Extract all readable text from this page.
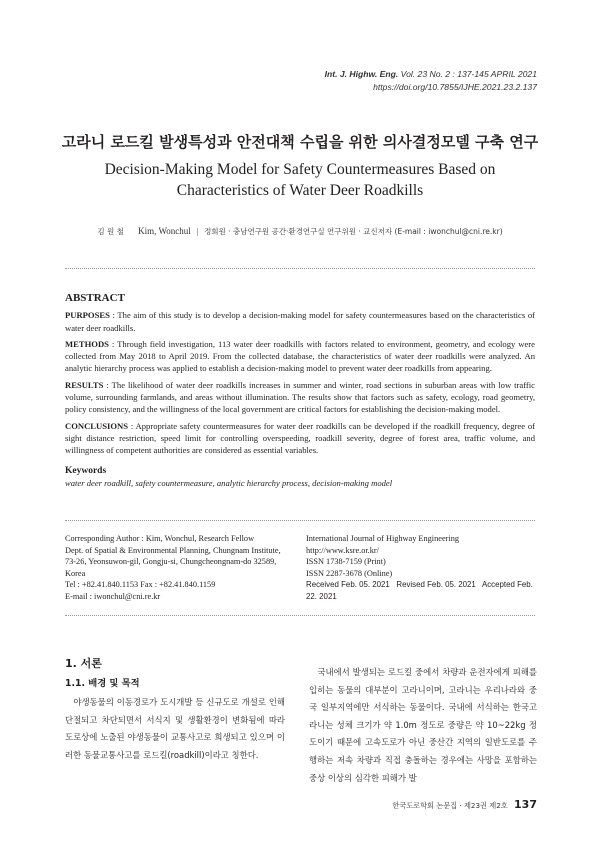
Int. J. Highw. Eng. Vol. 23 No. 2 : 137-145 APRIL 2021
https://doi.org/10.7855/IJHE.2021.23.2.137
고라니 로드킬 발생특성과 안전대책 수립을 위한 의사결정모델 구축 연구
Decision-Making Model for Safety Countermeasures Based on Characteristics of Water Deer Roadkills
김 원 철 Kim, Wonchul | 정회원 · 충남연구원 공간·환경연구실 연구위원 · 교신저자 (E-mail : iwonchul@cni.re.kr)
ABSTRACT

PURPOSES : The aim of this study is to develop a decision-making model for safety countermeasures based on the characteristics of water deer roadkills.

METHODS : Through field investigation, 113 water deer roadkills with factors related to environment, geometry, and ecology were collected from May 2018 to April 2019. From the collected database, the characteristics of water deer roadkills were analyzed. An analytic hierarchy process was applied to establish a decision-making model to prevent water deer roadkills from appearing.

RESULTS : The likelihood of water deer roadkills increases in summer and winter, road sections in suburban areas with low traffic volume, surrounding farmlands, and areas without illumination. The results show that factors such as safety, ecology, road geometry, policy consistency, and the willingness of the local government are critical factors for establishing the decision-making model.

CONCLUSIONS : Appropriate safety countermeasures for water deer roadkills can be developed if the roadkill frequency, degree of sight distance restriction, speed limit for controlling overspeeding, roadkill severity, degree of forest area, traffic volume, and willingness of competent authorities are considered as essential variables.

Keywords

water deer roadkill, safety countermeasure, analytic hierarchy process, decision-making model

Corresponding Author : Kim, Wonchul, Research Fellow
Dept. of Spatial & Environmental Planning, Chungnam Institute,
73-26, Yeonsuwon-gil, Gongju-si, Chungcheongnam-do 32589, Korea
Tel : +82.41.840.1153 Fax : +82.41.840.1159
E-mail : iwonchul@cni.re.kr
International Journal of Highway Engineering
http://www.ksre.or.kr/
ISSN 1738-7159 (Print)
ISSN 2287-3678 (Online)
Received Feb. 05. 2021 Revised Feb. 05. 2021 Accepted Feb. 22. 2021

1. 서론

1.1. 배경 및 목적

야생동물의 이동경로가 도시개발 등 신규도로 개설로 인해 단절되고 차단되면서 서식지 및 생활환경이 변화됨에 따라 도로상에 노출된 야생동물이 교통사고로 희생되고 있으며 이러한 동물교통사고를 로드킬(roadkill)이라고 칭한다.

국내에서 발생되는 로드킬 중에서 차량과 운전자에게 피해를 입히는 동물의 대부분이 고라니이며, 고라니는 우리나라와 중국 일부지역에만 서식하는 동물이다. 국내에 서식하는 한국고라니는 성체 크기가 약 1.0m 정도로 중량은 약 10~22kg 정도이기 때문에 고속도로가 아닌 중산간 지역의 일반도로를 주행하는 저속 차량과 직접 충돌하는 경우에는 사망을 포함하는 중상 이상의 심각한 피해가 발

한국도로학회 논문집 · 제23권 제2호 137
